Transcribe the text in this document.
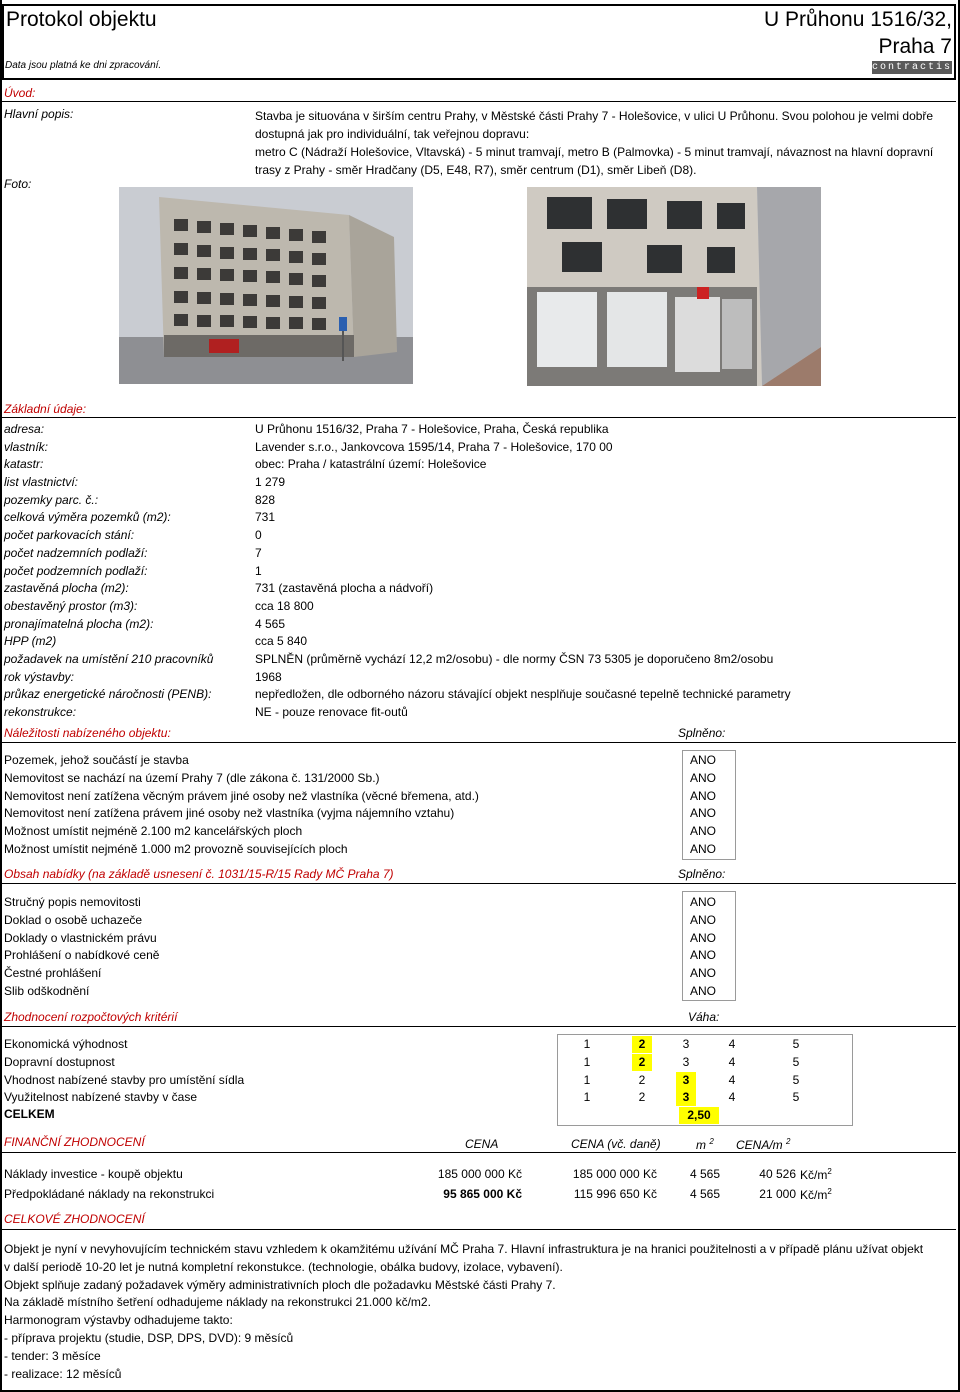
Protokol objektu	U Průhonu 1516/32,
Praha 7
Data jsou platná ke dni zpracování.	contractis
Úvod:
Hlavní popis:	Stavba je situována v širším centru Prahy, v Městské části Prahy 7 - Holešovice, v ulici U Průhonu. Svou polohou je velmi dobře
dostupná jak pro individuální, tak veřejnou dopravu:
metro C (Nádraží Holešovice, Vltavská) - 5 minut tramvají, metro B (Palmovka) - 5 minut tramvají, návaznost na hlavní dopravní
trasy z Prahy - směr Hradčany (D5, E48, R7), směr centrum (D1), směr Libeň (D8).
Foto:
Základní údaje:
adresa:	U Průhonu 1516/32, Praha 7 - Holešovice, Praha, Česká republika
vlastník:	Lavender s.r.o., Jankovcova 1595/14, Praha 7 - Holešovice, 170 00
katastr:	obec: Praha / katastrální území: Holešovice
list vlastnictví:	1 279
pozemky parc. č.:	828
celková výměra pozemků (m2):	731
počet parkovacích stání:	0
počet nadzemních podlaží:	7
počet podzemních podlaží:	1
zastavěná plocha (m2):	731 (zastavěná plocha a nádvoří)
obestavěný prostor (m3):	cca 18 800
pronajímatelná plocha (m2):	4 565
HPP (m2)	cca 5 840
požadavek na umístění 210 pracovníků	SPLNĚN (průměrně vychází 12,2 m2/osobu) - dle normy ČSN 73 5305 je doporučeno 8m2/osobu
rok výstavby:	1968
průkaz energetické náročnosti (PENB):	nepředložen, dle odborného názoru stávající objekt nesplňuje současné tepelně technické parametry
rekonstrukce:	NE - pouze renovace fit-outů
Náležitosti nabízeného objektu:	Splněno:
Pozemek, jehož součástí je stavba	ANO
Nemovitost se nachází na území Prahy 7 (dle zákona č. 131/2000 Sb.)	ANO
Nemovitost není zatížena věcným právem jiné osoby než vlastníka (věcné břemena, atd.)	ANO
Nemovitost není zatížena právem jiné osoby než vlastníka (vyjma nájemního vztahu)	ANO
Možnost umístit nejméně 2.100 m2 kancelářských ploch	ANO
Možnost umístit nejméně 1.000 m2 provozně souvisejících ploch	ANO
Obsah nabídky (na základě usnesení č. 1031/15-R/15 Rady MČ Praha 7)	Splněno:
Stručný popis nemovitosti	ANO
Doklad o osobě uchazeče	ANO
Doklady o vlastnickém právu	ANO
Prohlášení o nabídkové ceně	ANO
Čestné prohlášení	ANO
Slib odškodnění	ANO
Zhodnocení rozpočtových kritérií	Váha:
Ekonomická výhodnost	1	2	3	4	5
Dopravní dostupnost	1	2	3	4	5
Vhodnost nabízené stavby pro umístění sídla	1	2	3	4	5
Využitelnost nabízené stavby v čase	1	2	3	4	5
CELKEM	2,50
FINANČNÍ ZHODNOCENÍ	CENA	CENA (vč. daně)	m $^2$ CENA/m $^2$
Náklady investice - koupě objektu	185 000 000 Kč	185 000 000 Kč	4 565	40 526 $Kč/m^2$
Předpokládané náklady na rekonstrukci	95 865 000 Kč	115 996 650 Kč	4 565	21 000 $Kč/m^2$
CELKOVÉ ZHODNOCENÍ
Objekt je nyní v nevyhovujícím technickém stavu vzhledem k okamžitému užívání MČ Praha 7. Hlavní infrastruktura je na hranici použitelnosti a v případě plánu užívat objekt
v další periodě 10-20 let je nutná kompletní rekonstukce. (technologie, obálka budovy, izolace, vybavení).
Objekt splňuje zadaný požadavek výměry administrativních ploch dle požadavku Městské části Prahy 7.
Na základě místního šetření odhadujeme náklady na rekonstrukci 21.000 kč/m2.
Harmonogram výstavby odhadujeme takto:
- příprava projektu (studie, DSP, DPS, DVD): 9 měsíců
- tender: 3 měsíce
- realizace: 12 měsíců
